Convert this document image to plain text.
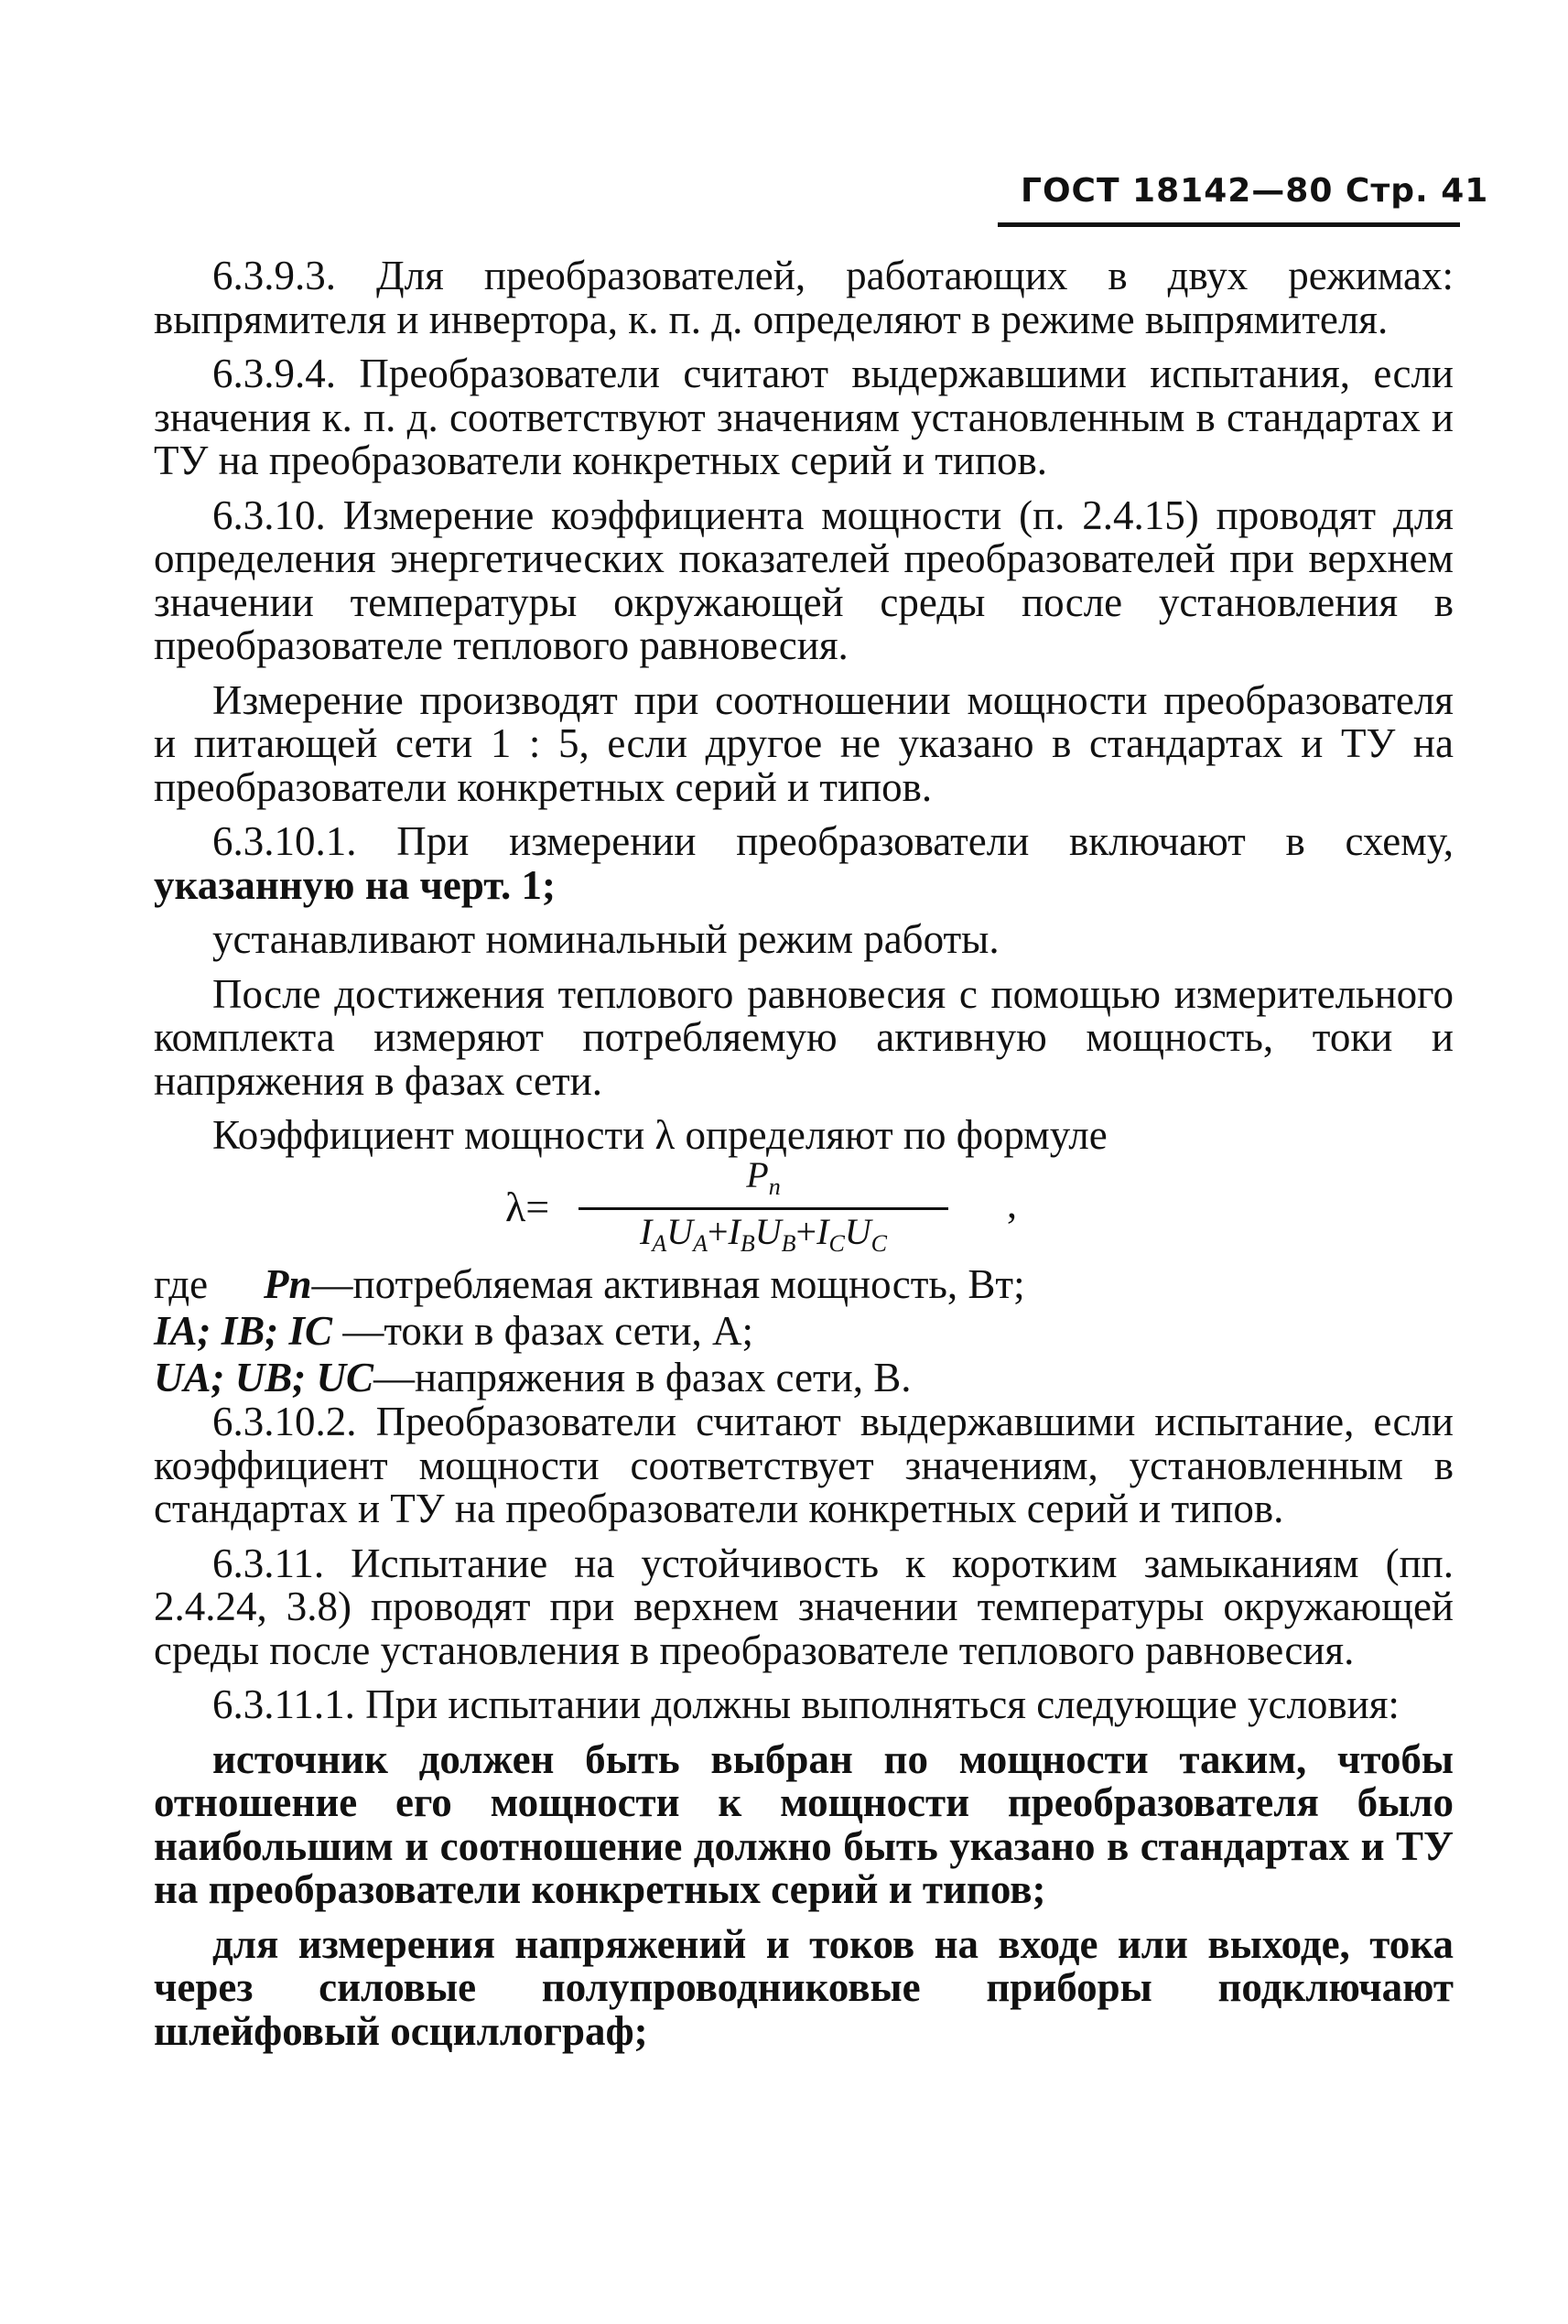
ГОСТ 18142—80 Стр. 41

6.3.9.3. Для преобразователей, работающих в двух режимах: выпрямителя и инвертора, к. п. д. определяют в режиме выпрямителя.

6.3.9.4. Преобразователи считают выдержавшими испытания, если значения к. п. д. соответствуют значениям установленным в стандартах и ТУ на преобразователи конкретных серий и типов.

6.3.10. Измерение коэффициента мощности (п. 2.4.15) проводят для определения энергетических показателей преобразователей при верхнем значении температуры окружающей среды после установления в преобразователе теплового равновесия.

Измерение производят при соотношении мощности преобразователя и питающей сети 1 : 5, если другое не указано в стандартах и ТУ на преобразователи конкретных серий и типов.

6.3.10.1. При измерении преобразователи включают в схему,

указанную на черт. 1;

устанавливают номинальный режим работы.

После достижения теплового равновесия с помощью измерительного комплекта измеряют потребляемую активную мощность, токи и напряжения в фазах сети.

Коэффициент мощности λ определяют по формуле

λ=
$P_п$
$I_AU_A+I_BU_B+I_CU_C$
,
где Pп—потребляемая активная мощность, Вт;
IA; IB; IC —токи в фазах сети, А;
UA; UB; UC—напряжения в фазах сети, В.

6.3.10.2. Преобразователи считают выдержавшими испытание, если коэффициент мощности соответствует значениям, установленным в стандартах и ТУ на преобразователи конкретных серий и типов.

6.3.11. Испытание на устойчивость к коротким замыканиям (пп. 2.4.24, 3.8) проводят при верхнем значении температуры окружающей среды после установления в преобразователе теплового равновесия.

6.3.11.1. При испытании должны выполняться следующие условия:

источник должен быть выбран по мощности таким, чтобы отношение его мощности к мощности преобразователя было наибольшим и соотношение должно быть указано в стандартах и ТУ на преобразователи конкретных серий и типов;

для измерения напряжений и токов на входе или выходе, тока через силовые полупроводниковые приборы подключают шлейфовый осциллограф;
